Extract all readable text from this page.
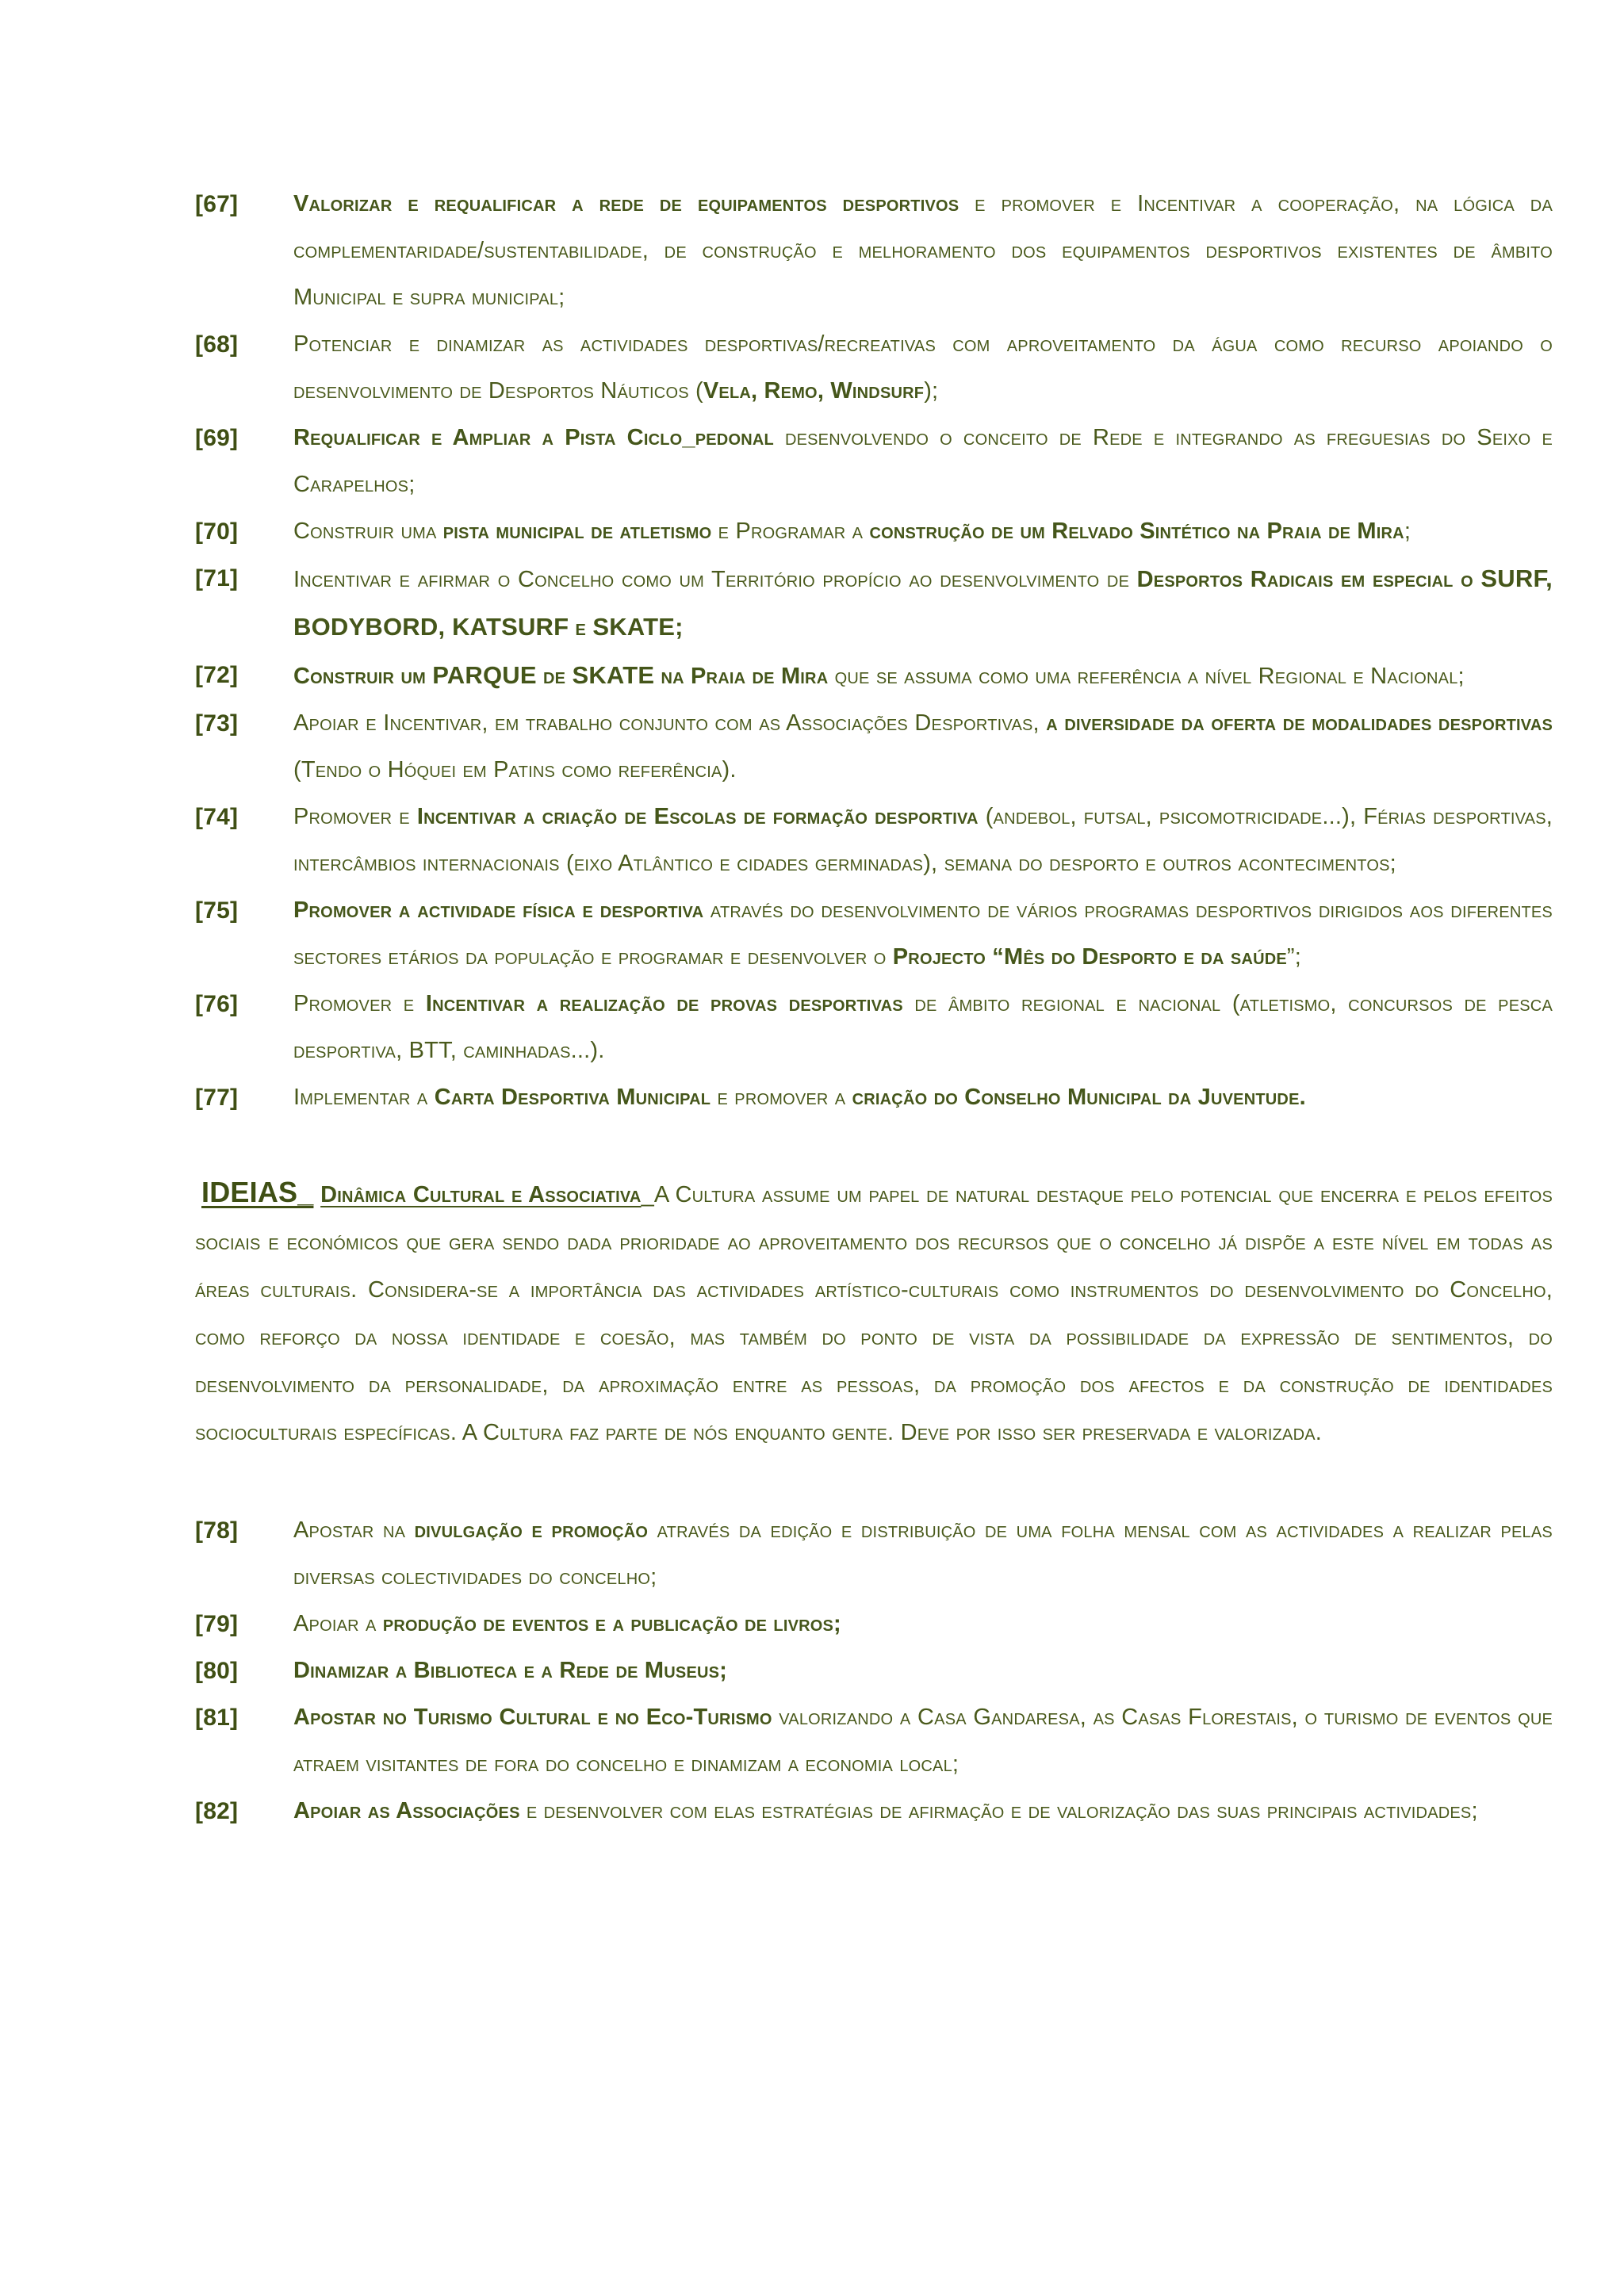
[67]	Valorizar e requalificar a rede de equipamentos desportivos e promover e Incentivar a cooperação, na lógica da complementaridade/sustentabilidade, de construção e melhoramento dos equipamentos desportivos existentes de âmbito Municipal e supra municipal;
[68]	Potenciar e dinamizar as actividades desportivas/recreativas com aproveitamento da água como recurso apoiando o desenvolvimento de Desportos Náuticos (Vela, Remo, Windsurf);
[69]	Requalificar e Ampliar a Pista Ciclo_pedonal desenvolvendo o conceito de Rede e integrando as freguesias do Seixo e Carapelhos;
[70]	Construir uma pista municipal de atletismo e Programar a construção de um Relvado Sintético na Praia de Mira;
[71]	Incentivar e afirmar o Concelho como um Território propício ao desenvolvimento de Desportos Radicais em especial o SURF, BODYBORD, KATSURF e SKATE;
[72]	Construir um PARQUE de SKATE na Praia de Mira que se assuma como uma referência a nível Regional e Nacional;
[73]	Apoiar e Incentivar, em trabalho conjunto com as Associações Desportivas, a diversidade da oferta de modalidades desportivas (Tendo o Hóquei em Patins como referência).
[74]	Promover e Incentivar a criação de Escolas de formação desportiva (andebol, futsal, psicomotricidade...), Férias desportivas, intercâmbios internacionais (eixo Atlântico e cidades germinadas), semana do desporto e outros acontecimentos;
[75]	Promover a actividade física e desportiva através do desenvolvimento de vários programas desportivos dirigidos aos diferentes sectores etários da população e programar e desenvolver o Projecto “Mês do Desporto e da saúde”;
[76]	Promover e Incentivar a realização de provas desportivas de âmbito regional e nacional (atletismo, concursos de pesca desportiva, BTT, caminhadas...).
[77]	Implementar a Carta Desportiva Municipal e promover a criação do Conselho Municipal da Juventude.

IDEIAS_ Dinâmica Cultural e Associativa_A Cultura assume um papel de natural destaque pelo potencial que encerra e pelos efeitos sociais e económicos que gera sendo dada prioridade ao aproveitamento dos recursos que o concelho já dispõe a este nível em todas as áreas culturais. Considera-se a importância das actividades artístico-culturais como instrumentos do desenvolvimento do Concelho, como reforço da nossa identidade e coesão, mas também do ponto de vista da possibilidade da expressão de sentimentos, do desenvolvimento da personalidade, da aproximação entre as pessoas, da promoção dos afectos e da construção de identidades socioculturais específicas. A Cultura faz parte de nós enquanto gente. Deve por isso ser preservada e valorizada.

[78]	Apostar na divulgação e promoção através da edição e distribuição de uma folha mensal com as actividades a realizar pelas diversas colectividades do concelho;
[79]	Apoiar a produção de eventos e a publicação de livros;
[80]	Dinamizar a Biblioteca e a Rede de Museus;
[81]	Apostar no Turismo Cultural e no Eco-Turismo valorizando a Casa Gandaresa, as Casas Florestais, o turismo de eventos que atraem visitantes de fora do concelho e dinamizam a economia local;
[82]	Apoiar as Associações e desenvolver com elas estratégias de afirmação e de valorização das suas principais actividades;
